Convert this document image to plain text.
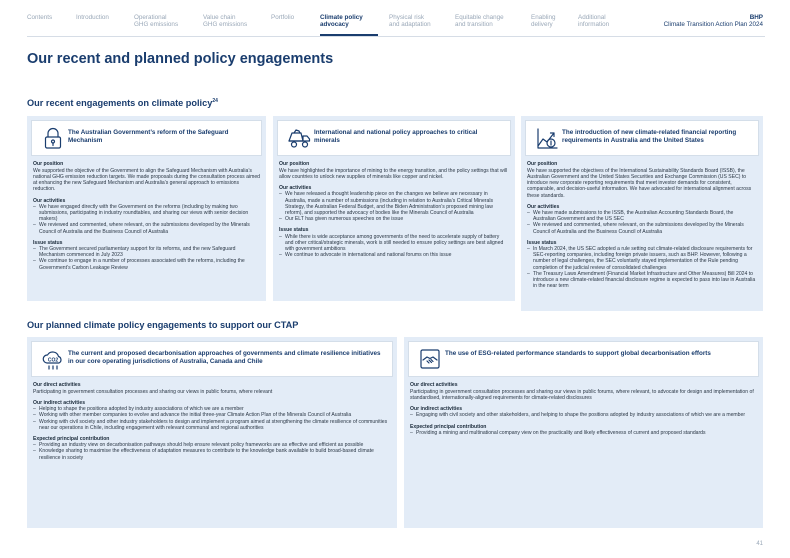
Contents	Introduction	Operational
GHG emissions
Value chain
GHG emissions
Portfolio	Climate policy
advocacy
Physical risk
and adaptation
Equitable change
and transition
Enabling
delivery
Additional
information
BHP
Climate Transition Action Plan 2024
Our recent and planned policy engagements
Our recent engagements on climate policy$^{24}$
The Australian Government’s reform of the Safeguard Mechanism
Our position
We supported the objective of the Government to align the Safeguard Mechanism with Australia’s national GHG emission reduction targets. We made proposals during the consultation process aimed at enhancing the new Safeguard Mechanism and Australia’s general approach to emissions reduction.
Our activities
– We have engaged directly with the Government on the reforms (including by making two submissions, participating in industry roundtables, and sharing our views with senior decision makers)
– We reviewed and commented, where relevant, on the submissions developed by the Minerals Council of Australia and the Business Council of Australia
Issue status
– The Government secured parliamentary support for its reforms, and the new Safeguard Mechanism commenced in July 2023
– We continue to engage in a number of processes associated with the reforms, including the Government’s Carbon Leakage Review
International and national policy approaches to critical minerals
Our position
We have highlighted the importance of mining to the energy transition, and the policy settings that will allow countries to unlock new supplies of minerals like copper and nickel.
Our activities
– We have released a thought leadership piece on the changes we believe are necessary in Australia, made a number of submissions (including in relation to Australia’s Critical Minerals Strategy, the Australian Federal Budget, and the Biden Administration’s proposed mining law reform), and supported the advocacy of bodies like the Minerals Council of Australia
– Our ELT has given numerous speeches on the issue
Issue status
– While there is wide acceptance among governments of the need to accelerate supply of battery and other critical/strategic minerals, work is still needed to ensure policy settings are best aligned with government ambitions
– We continue to advocate in international and national forums on this issue
The introduction of new climate-related financial reporting requirements in Australia and the United States
Our position
We have supported the objectives of the International Sustainability Standards Board (ISSB), the Australian Government and the United States Securities and Exchange Commission (US SEC) to introduce new corporate reporting requirements that meet investor demands for consistent, comparable, and decision-useful information. We have advocated for international alignment across these standards.
Our activities
– We have made submissions to the ISSB, the Australian Accounting Standards Board, the Australian Government and the US SEC
– We reviewed and commented, where relevant, on the submissions developed by the Minerals Council of Australia and the Business Council of Australia
Issue status
– In March 2024, the US SEC adopted a rule setting out climate-related disclosure requirements for SEC-reporting companies, including foreign private issuers, such as BHP. However, following a number of legal challenges, the SEC voluntarily stayed implementation of the Rule pending completion of the judicial review of consolidated challenges
– The Treasury Laws Amendment (Financial Market Infrastructure and Other Measures) Bill 2024 to introduce a new climate-related financial disclosure regime is expected to pass into law in Australia in the near term
Our planned climate policy engagements to support our CTAP
CO2
The current and proposed decarbonisation approaches of governments and climate resilience initiatives in our core operating jurisdictions of Australia, Canada and Chile
Our direct activities
Participating in government consultation processes and sharing our views in public forums, where relevant
Our indirect activities
– Helping to shape the positions adopted by industry associations of which we are a member
– Working with other member companies to evolve and advance the initial three-year Climate Action Plan of the Minerals Council of Australia
– Working with civil society and other industry stakeholders to design and implement a program aimed at strengthening the climate resilience of communities near our operations in Chile, including engagement with relevant communal and regional authorities
Expected principal contribution
– Providing an industry view on decarbonisation pathways should help ensure relevant policy frameworks are as effective and efficient as possible
– Knowledge sharing to maximise the effectiveness of adaptation measures to contribute to the knowledge bank available to build broad-based climate resilience in society
The use of ESG-related performance standards to support global decarbonisation efforts
Our direct activities
Participating in government consultation processes and sharing our views in public forums, where relevant, to advocate for design and implementation of standardised, internationally-aligned requirements for climate-related disclosures
Our indirect activities
– Engaging with civil society and other stakeholders, and helping to shape the positions adopted by industry associations of which we are a member
Expected principal contribution
– Providing a mining and multinational company view on the practicality and likely effectiveness of current and proposed standards
41
